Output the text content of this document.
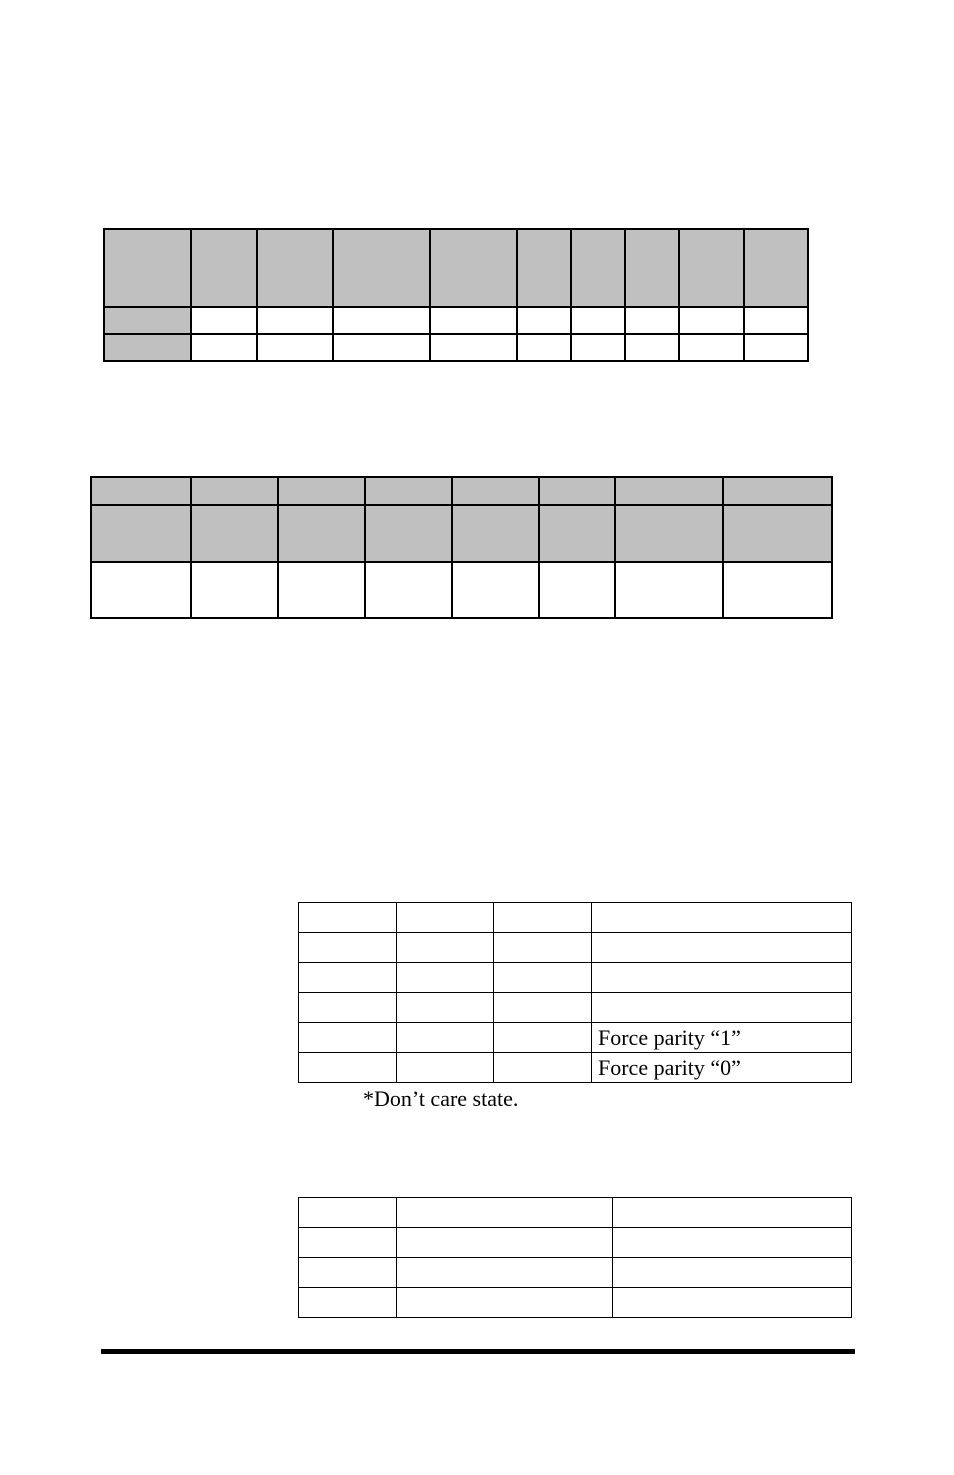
			Force parity “1”
			Force parity “0”
*Don’t care state.
